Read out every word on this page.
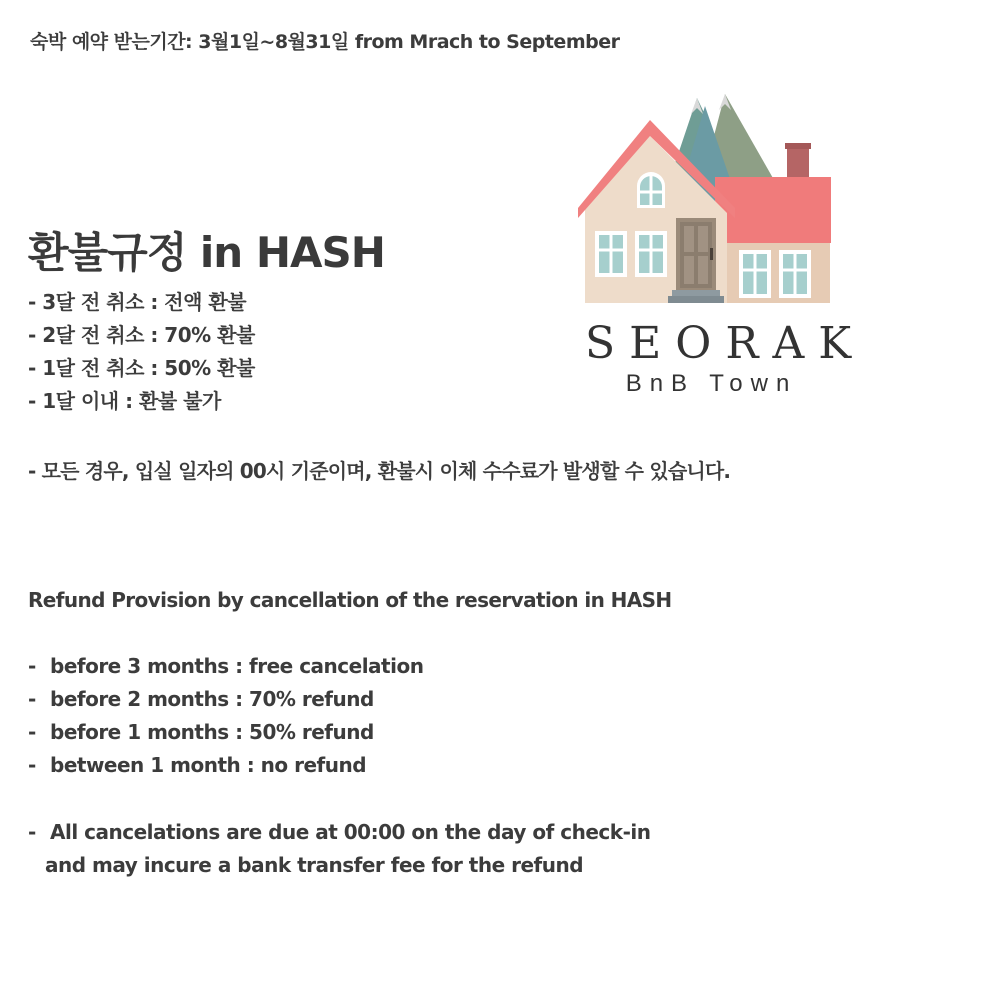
숙박 예약 받는기간: 3월1일~8월31일 from Mrach to September
환불규정 in HASH
- 3달 전 취소 : 전액 환불
- 2달 전 취소 : 70% 환불
- 1달 전 취소 : 50% 환불
- 1달 이내 : 환불 불가
- 모든 경우, 입실 일자의 00시 기준이며, 환불시 이체 수수료가 발생할 수 있습니다.
Refund Provision by cancellation of the reservation in HASH
- before 3 months : free cancelation
- before 2 months : 70% refund
- before 1 months : 50% refund
- between 1 month : no refund
- All cancelations are due at 00:00 on the day of check-in
and may incure a bank transfer fee for the refund
SEORAK
BnB Town
